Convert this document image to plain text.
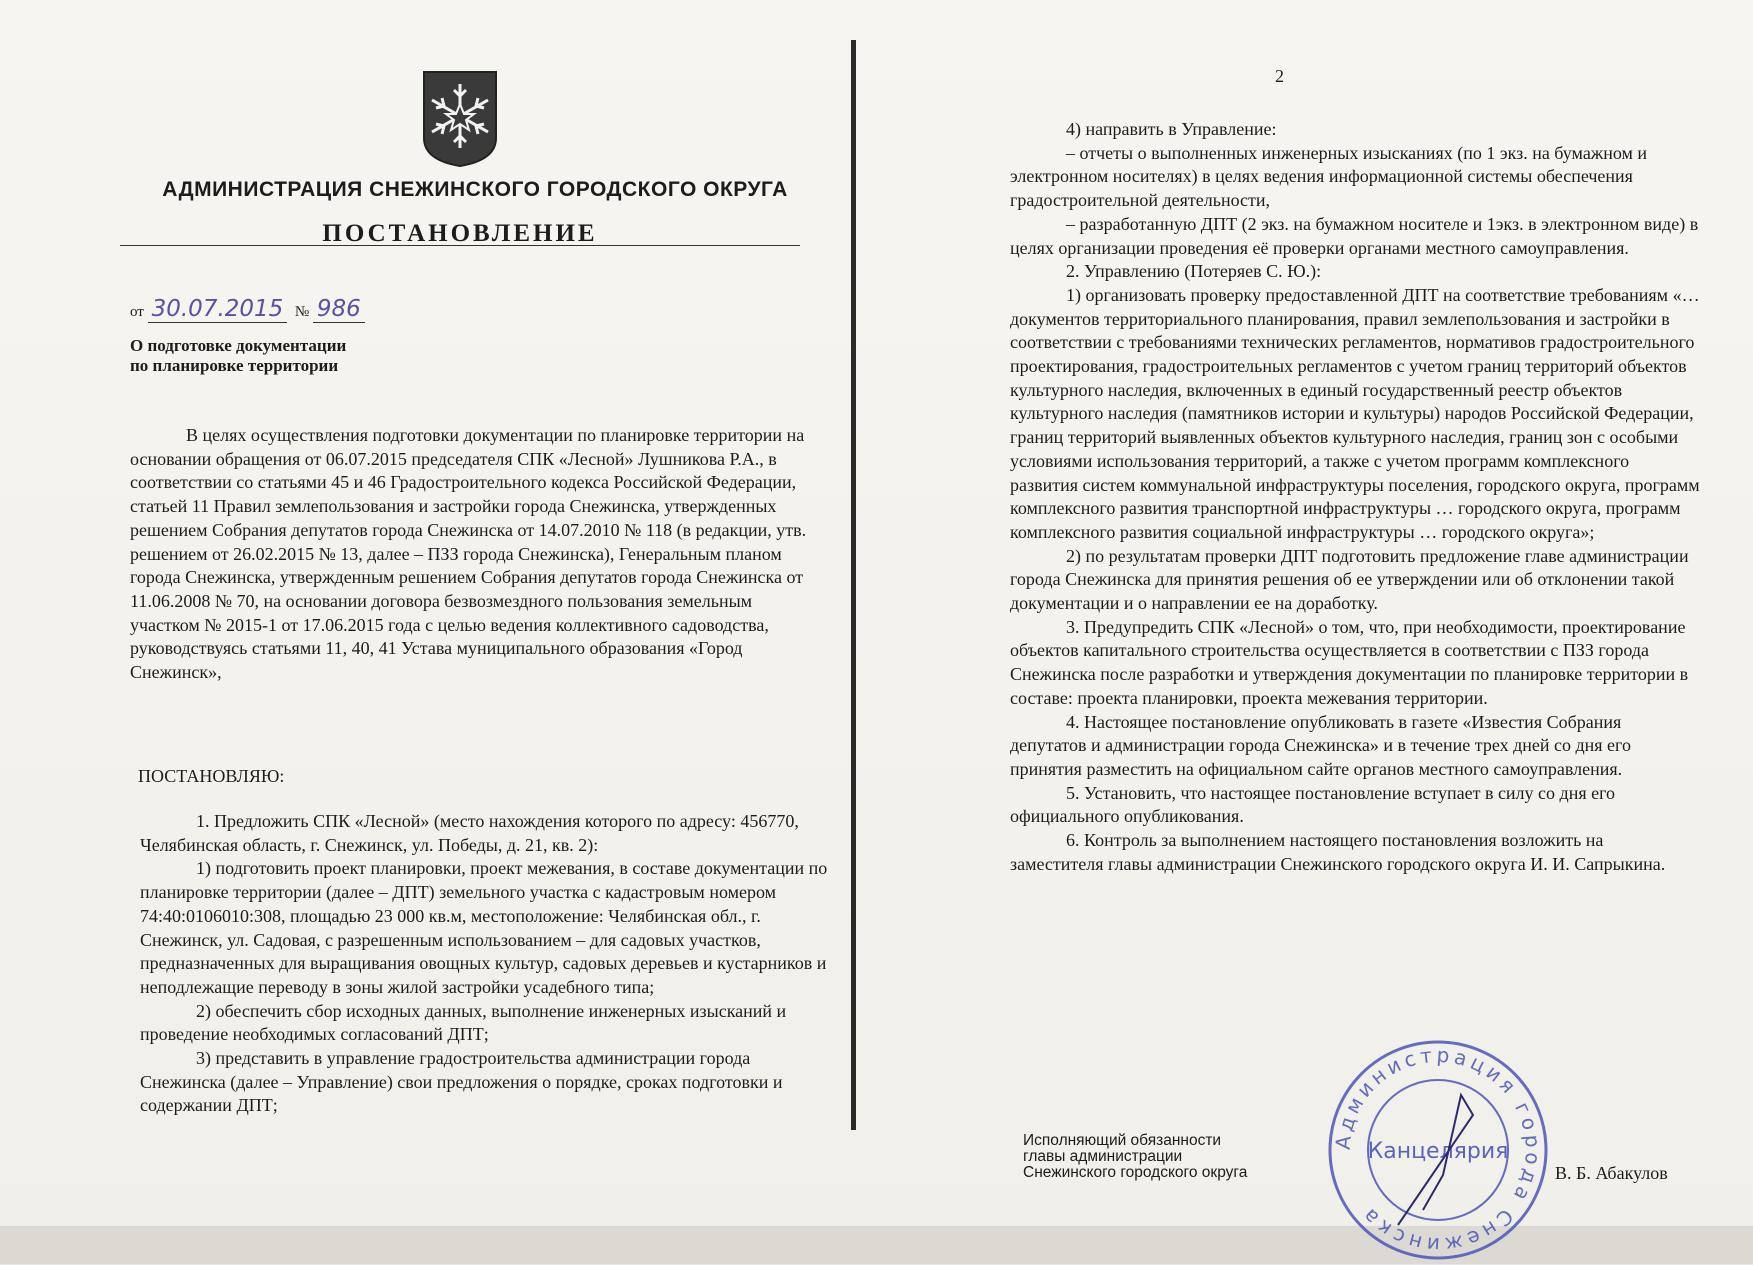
АДМИНИСТРАЦИЯ СНЕЖИНСКОГО ГОРОДСКОГО ОКРУГА
ПОСТАНОВЛЕНИЕ
от 30.07.2015 № 986
О подготовке документации
по планировке территории

В целях осуществления подготовки документации по планировке территории на основании обращения от 06.07.2015 председателя СПК «Лесной» Лушникова Р.А., в соответствии со статьями 45 и 46 Градостроительного кодекса Российской Федерации, статьей 11 Правил землепользования и застройки города Снежинска, утвержденных решением Собрания депутатов города Снежинска от 14.07.2010 № 118 (в редакции, утв. решением от 26.02.2015 № 13, далее – ПЗЗ города Снежинска), Генеральным планом города Снежинска, утвержденным решением Собрания депутатов города Снежинска от 11.06.2008 № 70, на основании договора безвозмездного пользования земельным участком № 2015-1 от 17.06.2015 года с целью ведения коллективного садоводства, руководствуясь статьями 11, 40, 41 Устава муниципального образования «Город Снежинск»,

ПОСТАНОВЛЯЮ:

1. Предложить СПК «Лесной» (место нахождения которого по адресу: 456770, Челябинская область, г. Снежинск, ул. Победы, д. 21, кв. 2):

1) подготовить проект планировки, проект межевания, в составе документации по планировке территории (далее – ДПТ) земельного участка с кадастровым номером 74:40:0106010:308, площадью 23 000 кв.м, местоположение: Челябинская обл., г. Снежинск, ул. Садовая, с разрешенным использованием – для садовых участков, предназначенных для выращивания овощных культур, садовых деревьев и кустарников и неподлежащие переводу в зоны жилой застройки усадебного типа;

2) обеспечить сбор исходных данных, выполнение инженерных изысканий и проведение необходимых согласований ДПТ;

3) представить в управление градостроительства администрации города Снежинска (далее – Управление) свои предложения о порядке, сроках подготовки и содержании ДПТ;

2

4) направить в Управление:

– отчеты о выполненных инженерных изысканиях (по 1 экз. на бумажном и электронном носителях) в целях ведения информационной системы обеспечения градостроительной деятельности,

– разработанную ДПТ (2 экз. на бумажном носителе и 1экз. в электронном виде) в целях организации проведения её проверки органами местного самоуправления.

2. Управлению (Потеряев С. Ю.):

1) организовать проверку предоставленной ДПТ на соответствие требованиям «… документов территориального планирования, правил землепользования и застройки в соответствии с требованиями технических регламентов, нормативов градостроительного проектирования, градостроительных регламентов с учетом границ территорий объектов культурного наследия, включенных в единый государственный реестр объектов культурного наследия (памятников истории и культуры) народов Российской Федерации, границ территорий выявленных объектов культурного наследия, границ зон с особыми условиями использования территорий, а также с учетом программ комплексного развития систем коммунальной инфраструктуры поселения, городского округа, программ комплексного развития транспортной инфраструктуры … городского округа, программ комплексного развития социальной инфраструктуры … городского округа»;

2) по результатам проверки ДПТ подготовить предложение главе администрации города Снежинска для принятия решения об ее утверждении или об отклонении такой документации и о направлении ее на доработку.

3. Предупредить СПК «Лесной» о том, что, при необходимости, проектирование объектов капитального строительства осуществляется в соответствии с ПЗЗ города Снежинска после разработки и утверждения документации по планировке территории в составе: проекта планировки, проекта межевания территории.

4. Настоящее постановление опубликовать в газете «Известия Собрания депутатов и администрации города Снежинска» и в течение трех дней со дня его принятия разместить на официальном сайте органов местного самоуправления.

5. Установить, что настоящее постановление вступает в силу со дня его официального опубликования.

6. Контроль за выполнением настоящего постановления возложить на заместителя главы администрации Снежинского городского округа И. И. Сапрыкина.

Исполняющий обязанности
главы администрации
Снежинского городского округа
Администрация города Снежинска
Канцелярия
В. Б. Абакулов
